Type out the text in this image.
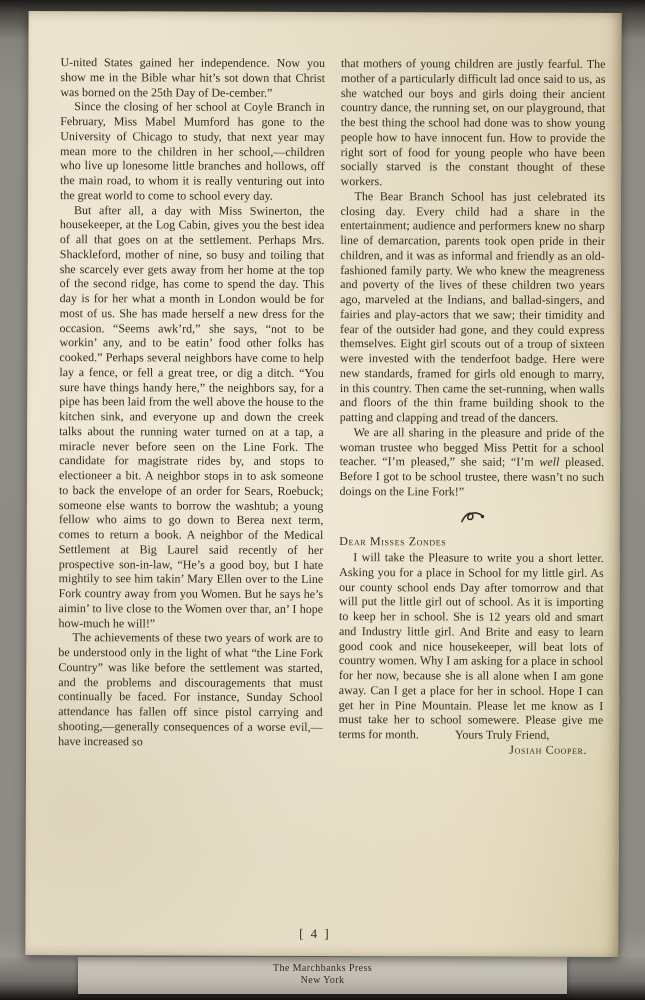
U-nited States gained her independence. Now you show me in the Bible whar hit’s sot down that Christ was borned on the 25th Day of De-cember.”

Since the closing of her school at Coyle Branch in February, Miss Mabel Mumford has gone to the University of Chicago to study, that next year may mean more to the children in her school,—children who live up lonesome little branches and hollows, off the main road, to whom it is really venturing out into the great world to come to school every day.

But after all, a day with Miss Swinerton, the housekeeper, at the Log Cabin, gives you the best idea of all that goes on at the settlement. Perhaps Mrs. Shackleford, mother of nine, so busy and toiling that she scarcely ever gets away from her home at the top of the second ridge, has come to spend the day. This day is for her what a month in London would be for most of us. She has made herself a new dress for the occasion. “Seems awk’rd,” she says, “not to be workin’ any, and to be eatin’ food other folks has cooked.” Perhaps several neighbors have come to help lay a fence, or fell a great tree, or dig a ditch. “You sure have things handy here,” the neighbors say, for a pipe has been laid from the well above the house to the kitchen sink, and everyone up and down the creek talks about the running water turned on at a tap, a miracle never before seen on the Line Fork. The candidate for magistrate rides by, and stops to electioneer a bit. A neighbor stops in to ask someone to back the envelope of an order for Sears, Roebuck; someone else wants to borrow the washtub; a young fellow who aims to go down to Berea next term, comes to return a book. A neighbor of the Medical Settlement at Big Laurel said recently of her prospective son-in-law, “He’s a good boy, but I hate mightily to see him takin’ Mary Ellen over to the Line Fork country away from you Women. But he says he’s aimin’ to live close to the Women over thar, an’ I hope how-much he will!”

The achievements of these two years of work are to be understood only in the light of what “the Line Fork Country” was like before the settlement was started, and the problems and discouragements that must continually be faced. For instance, Sunday School attendance has fallen off since pistol carrying and shooting,—generally consequences of a worse evil,—have increased so

that mothers of young children are justly fearful. The mother of a particularly difficult lad once said to us, as she watched our boys and girls doing their ancient country dance, the running set, on our playground, that the best thing the school had done was to show young people how to have innocent fun. How to provide the right sort of food for young people who have been socially starved is the constant thought of these workers.

The Bear Branch School has just celebrated its closing day. Every child had a share in the entertainment; audience and performers knew no sharp line of demarcation, parents took open pride in their children, and it was as informal and friendly as an old-fashioned family party. We who knew the meagreness and poverty of the lives of these children two years ago, marveled at the Indians, and ballad-singers, and fairies and play-actors that we saw; their timidity and fear of the outsider had gone, and they could express themselves. Eight girl scouts out of a troup of sixteen were invested with the tenderfoot badge. Here were new standards, framed for girls old enough to marry, in this country. Then came the set-running, when walls and floors of the thin frame building shook to the patting and clapping and tread of the dancers.

We are all sharing in the pleasure and pride of the woman trustee who begged Miss Pettit for a school teacher. “I’m pleased,” she said; “I’m well pleased. Before I got to be school trustee, there wasn’t no such doings on the Line Fork!”

Dear Misses Zondes

I will take the Pleasure to write you a short letter. Asking you for a place in School for my little girl. As our county school ends Day after tomorrow and that will put the little girl out of school. As it is importing to keep her in school. She is 12 years old and smart and Industry little girl. And Brite and easy to learn good cook and nice housekeeper, will beat lots of country women. Why I am asking for a place in school for her now, because she is all alone when I am gone away. Can I get a place for her in school. Hope I can get her in Pine Mountain. Please let me know as I must take her to school somewere. Please give me terms for month.	Yours Truly Friend,

Josiah Cooper.
[ 4 ]
The Marchbanks Press
New York
